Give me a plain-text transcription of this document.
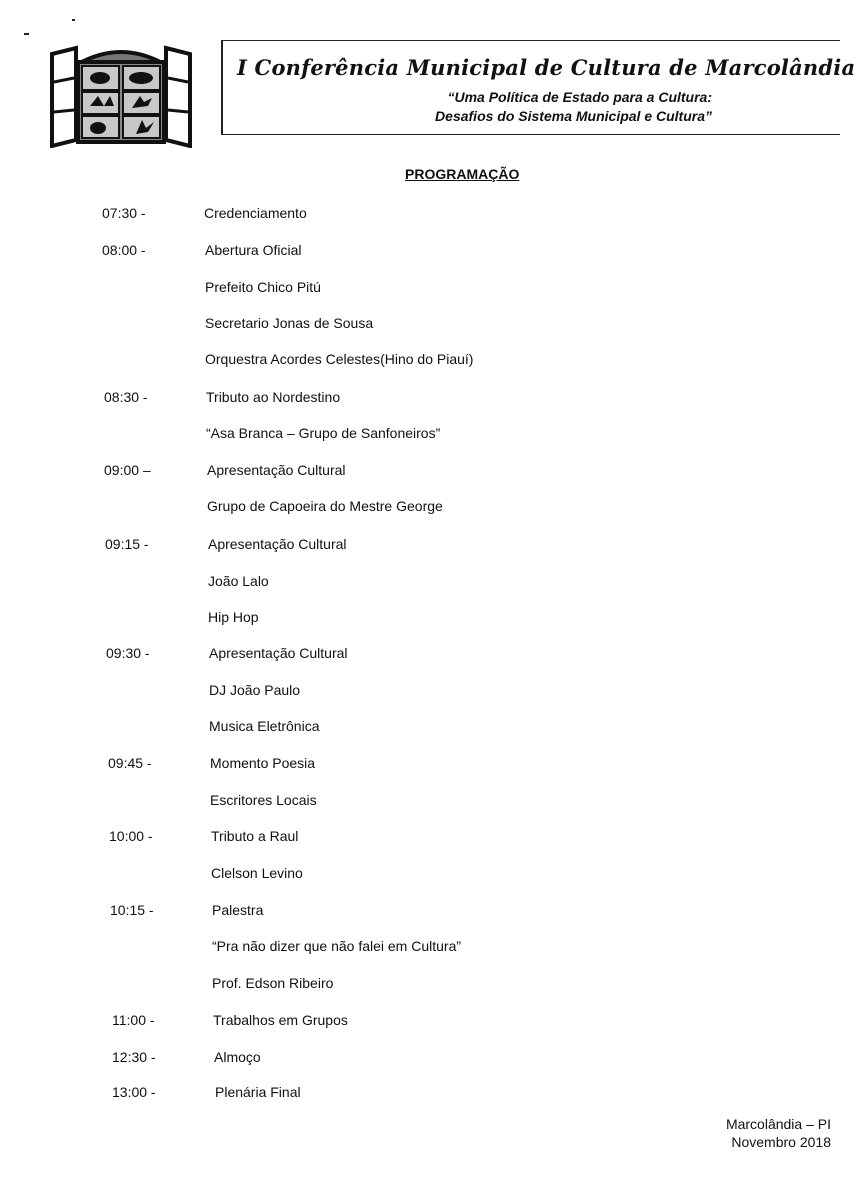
I Conferência Municipal de Cultura de Marcolândia
“Uma Política de Estado para a Cultura:
Desafios do Sistema Municipal e Cultura”
PROGRAMAÇÃO
07:30 -	Credenciamento
08:00 -	Abertura Oficial
Prefeito Chico Pitú
Secretario Jonas de Sousa
Orquestra Acordes Celestes(Hino do Piauí)
08:30 -	Tributo ao Nordestino
“Asa Branca – Grupo de Sanfoneiros”
09:00 –	Apresentação Cultural
Grupo de Capoeira do Mestre George
09:15 -	Apresentação Cultural
João Lalo
Hip Hop
09:30 -	Apresentação Cultural
DJ João Paulo
Musica Eletrônica
09:45 -	Momento Poesia
Escritores Locais
10:00 -	Tributo a Raul
Clelson Levino
10:15 -	Palestra
“Pra não dizer que não falei em Cultura”
Prof. Edson Ribeiro
11:00 -	Trabalhos em Grupos
12:30 -	Almoço
13:00 -	Plenária Final
Marcolândia – PI
Novembro 2018
